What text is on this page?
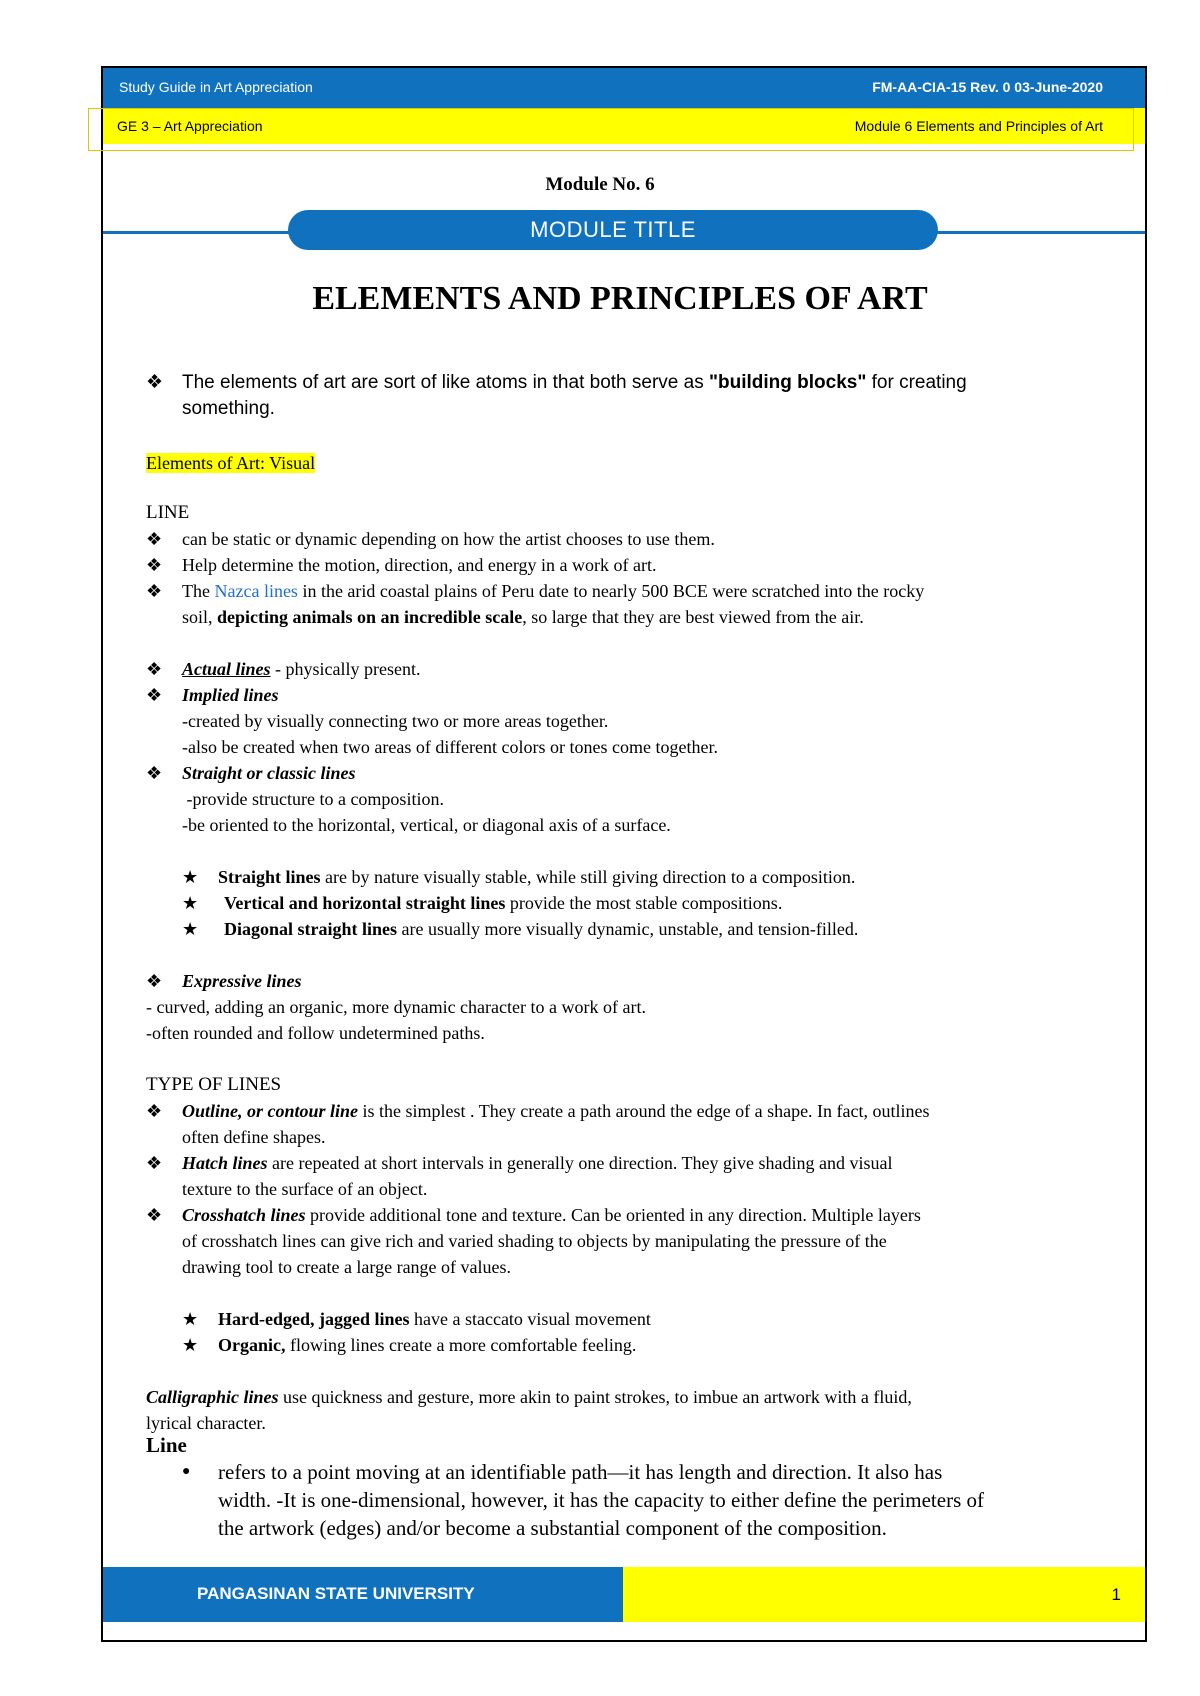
Study Guide in Art Appreciation	FM-AA-CIA-15 Rev. 0 03-June-2020
GE 3 – Art Appreciation	Module 6 Elements and Principles of Art
Module No. 6
MODULE TITLE
ELEMENTS AND PRINCIPLES OF ART
❖ The elements of art are sort of like atoms in that both serve as "building blocks" for creating
something.
Elements of Art: Visual
LINE
❖	can be static or dynamic depending on how the artist chooses to use them.
❖	Help determine the motion, direction, and energy in a work of art.
❖	The Nazca lines in the arid coastal plains of Peru date to nearly 500 BCE were scratched into the rocky
soil, depicting animals on an incredible scale, so large that they are best viewed from the air.
❖	Actual lines - physically present.
❖	Implied lines
-created by visually connecting two or more areas together.
-also be created when two areas of different colors or tones come together.
❖	Straight or classic lines
-provide structure to a composition.
-be oriented to the horizontal, vertical, or diagonal axis of a surface.
★	Straight lines are by nature visually stable, while still giving direction to a composition.
★	Vertical and horizontal straight lines provide the most stable compositions.
★	Diagonal straight lines are usually more visually dynamic, unstable, and tension-filled.
❖	Expressive lines
- curved, adding an organic, more dynamic character to a work of art.
-often rounded and follow undetermined paths.
TYPE OF LINES
❖	Outline, or contour line is the simplest . They create a path around the edge of a shape. In fact, outlines
often define shapes.
❖	Hatch lines are repeated at short intervals in generally one direction. They give shading and visual
texture to the surface of an object.
❖	Crosshatch lines provide additional tone and texture. Can be oriented in any direction. Multiple layers
of crosshatch lines can give rich and varied shading to objects by manipulating the pressure of the
drawing tool to create a large range of values.
★	Hard-edged, jagged lines have a staccato visual movement
★	Organic, flowing lines create a more comfortable feeling.
Calligraphic lines use quickness and gesture, more akin to paint strokes, to imbue an artwork with a fluid,
lyrical character.
Line
●	refers to a point moving at an identifiable path—it has length and direction. It also has
width. -It is one-dimensional, however, it has the capacity to either define the perimeters of
the artwork (edges) and/or become a substantial component of the composition.
PANGASINAN STATE UNIVERSITY	1
